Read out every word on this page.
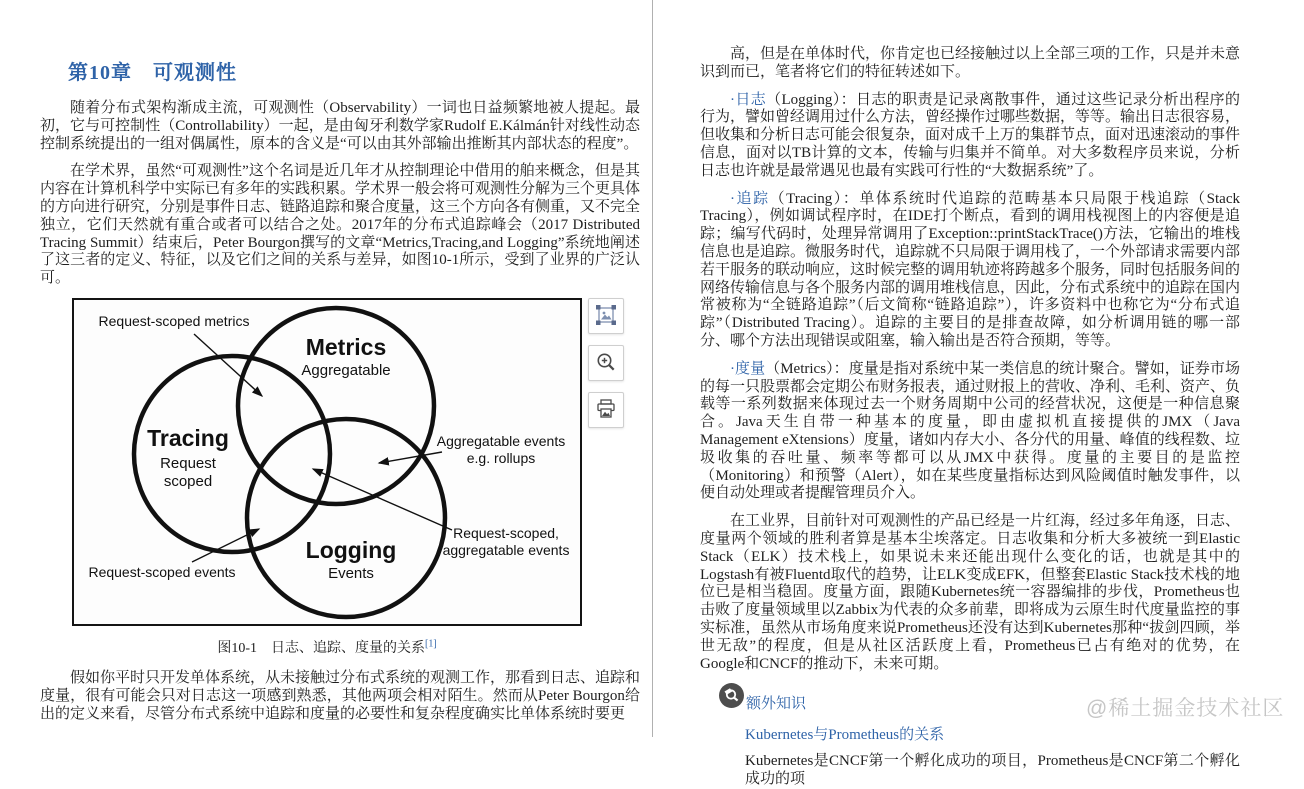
第10章　可观测性

随着分布式架构渐成主流，可观测性（Observability）一词也日益频繁地被人提起。最初，它与可控制性（Controllability）一起，是由匈牙利数学家Rudolf E.Kálmán针对线性动态控制系统提出的一组对偶属性，原本的含义是“可以由其外部输出推断其内部状态的程度”。

在学术界，虽然“可观测性”这个名词是近几年才从控制理论中借用的舶来概念，但是其内容在计算机科学中实际已有多年的实践积累。学术界一般会将可观测性分解为三个更具体的方向进行研究，分别是事件日志、链路追踪和聚合度量，这三个方向各有侧重，又不完全独立，它们天然就有重合或者可以结合之处。2017年的分布式追踪峰会（2017 Distributed Tracing Summit）结束后，Peter Bourgon撰写的文章“Metrics,Tracing,and Logging”系统地阐述了这三者的定义、特征，以及它们之间的关系与差异，如图10-1所示，受到了业界的广泛认可。

Metrics
Aggregatable
Tracing
Request
scoped
Logging
Events
Request-scoped metrics
Aggregatable events
e.g. rollups
Request-scoped,
aggregatable events
Request-scoped events
图10-1　日志、追踪、度量的关系[1]

假如你平时只开发单体系统，从未接触过分布式系统的观测工作，那看到日志、追踪和度量，很有可能会只对日志这一项感到熟悉，其他两项会相对陌生。然而从Peter Bourgon给出的定义来看，尽管分布式系统中追踪和度量的必要性和复杂程度确实比单体系统时要更

高，但是在单体时代，你肯定也已经接触过以上全部三项的工作，只是并未意识到而已，笔者将它们的特征转述如下。

·日志（Logging）：日志的职责是记录离散事件，通过这些记录分析出程序的行为，譬如曾经调用过什么方法，曾经操作过哪些数据，等等。输出日志很容易，但收集和分析日志可能会很复杂，面对成千上万的集群节点，面对迅速滚动的事件信息，面对以TB计算的文本，传输与归集并不简单。对大多数程序员来说，分析日志也许就是最常遇见也最有实践可行性的“大数据系统”了。

·追踪（Tracing）：单体系统时代追踪的范畴基本只局限于栈追踪（Stack Tracing），例如调试程序时，在IDE打个断点，看到的调用栈视图上的内容便是追踪；编写代码时，处理异常调用了Exception::printStackTrace()方法，它输出的堆栈信息也是追踪。微服务时代，追踪就不只局限于调用栈了，一个外部请求需要内部若干服务的联动响应，这时候完整的调用轨迹将跨越多个服务，同时包括服务间的网络传输信息与各个服务内部的调用堆栈信息，因此，分布式系统中的追踪在国内常被称为“全链路追踪”（后文简称“链路追踪”），许多资料中也称它为“分布式追踪”（Distributed Tracing）。追踪的主要目的是排查故障，如分析调用链的哪一部分、哪个方法出现错误或阻塞，输入输出是否符合预期，等等。

·度量（Metrics）：度量是指对系统中某一类信息的统计聚合。譬如，证券市场的每一只股票都会定期公布财务报表，通过财报上的营收、净利、毛利、资产、负载等一系列数据来体现过去一个财务周期中公司的经营状况，这便是一种信息聚合。Java天生自带一种基本的度量，即由虚拟机直接提供的JMX（Java Management eXtensions）度量，诸如内存大小、各分代的用量、峰值的线程数、垃圾收集的吞吐量、频率等都可以从JMX中获得。度量的主要目的是监控（Monitoring）和预警（Alert），如在某些度量指标达到风险阈值时触发事件，以便自动处理或者提醒管理员介入。

在工业界，目前针对可观测性的产品已经是一片红海，经过多年角逐，日志、度量两个领域的胜利者算是基本尘埃落定。日志收集和分析大多被统一到Elastic Stack（ELK）技术栈上，如果说未来还能出现什么变化的话，也就是其中的Logstash有被Fluentd取代的趋势，让ELK变成EFK，但整套Elastic Stack技术栈的地位已是相当稳固。度量方面，跟随Kubernetes统一容器编排的步伐，Prometheus也击败了度量领域里以Zabbix为代表的众多前辈，即将成为云原生时代度量监控的事实标准，虽然从市场角度来说Prometheus还没有达到Kubernetes那种“拔剑四顾，举世无敌”的程度，但是从社区活跃度上看，Prometheus已占有绝对的优势，在Google和CNCF的推动下，未来可期。

额外知识
Kubernetes与Prometheus的关系

Kubernetes是CNCF第一个孵化成功的项目，Prometheus是CNCF第二个孵化成功的项

@稀土掘金技术社区
